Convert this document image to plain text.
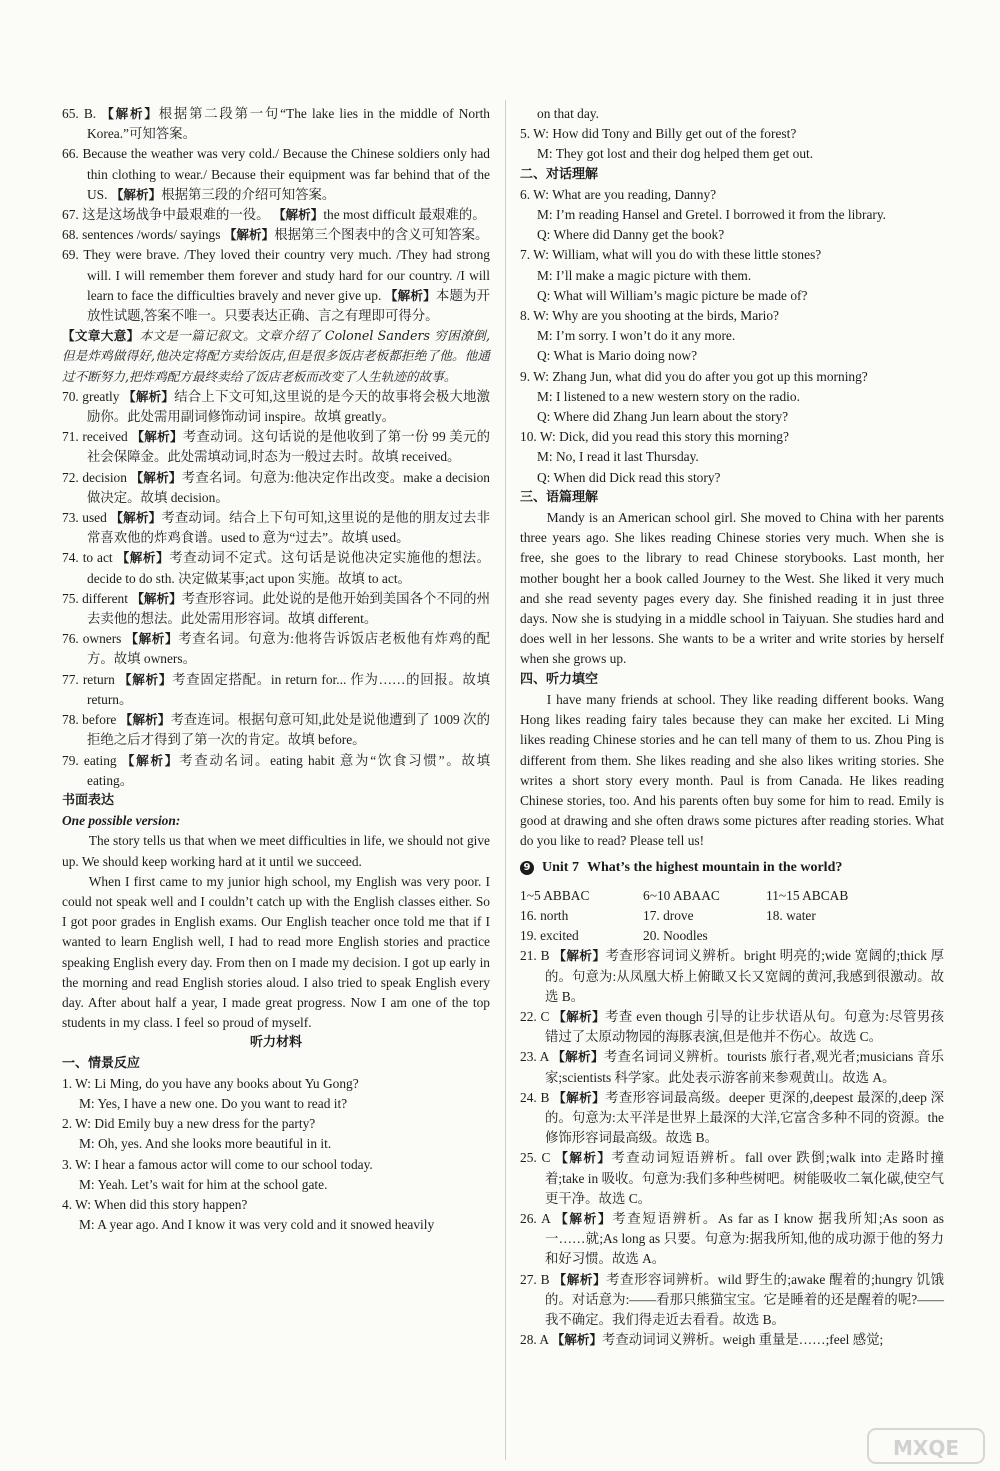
65. B. 【解析】根据第二段第一句“The lake lies in the middle of North Korea.”可知答案。

66. Because the weather was very cold./ Because the Chinese soldiers only had thin clothing to wear./ Because their equipment was far behind that of the US. 【解析】根据第三段的介绍可知答案。

67. 这是这场战争中最艰难的一役。 【解析】the most difficult 最艰难的。

68. sentences /words/ sayings 【解析】根据第三个图表中的含义可知答案。

69. They were brave. /They loved their country very much. /They had strong will. I will remember them forever and study hard for our country. /I will learn to face the difficulties bravely and never give up. 【解析】本题为开放性试题,答案不唯一。只要表达正确、言之有理即可得分。

【文章大意】本文是一篇记叙文。文章介绍了 Colonel Sanders 穷困潦倒,但是炸鸡做得好,他决定将配方卖给饭店,但是很多饭店老板都拒绝了他。他通过不断努力,把炸鸡配方最终卖给了饭店老板而改变了人生轨迹的故事。

70. greatly 【解析】结合上下文可知,这里说的是今天的故事将会极大地激励你。此处需用副词修饰动词 inspire。故填 greatly。

71. received 【解析】考查动词。这句话说的是他收到了第一份 99 美元的社会保障金。此处需填动词,时态为一般过去时。故填 received。

72. decision 【解析】考查名词。句意为:他决定作出改变。make a decision 做决定。故填 decision。

73. used 【解析】考查动词。结合上下句可知,这里说的是他的朋友过去非常喜欢他的炸鸡食谱。used to 意为“过去”。故填 used。

74. to act 【解析】考查动词不定式。这句话是说他决定实施他的想法。decide to do sth. 决定做某事;act upon 实施。故填 to act。

75. different 【解析】考查形容词。此处说的是他开始到美国各个不同的州去卖他的想法。此处需用形容词。故填 different。

76. owners 【解析】考查名词。句意为:他将告诉饭店老板他有炸鸡的配方。故填 owners。

77. return 【解析】考查固定搭配。in return for... 作为……的回报。故填 return。

78. before 【解析】考查连词。根据句意可知,此处是说他遭到了 1009 次的拒绝之后才得到了第一次的肯定。故填 before。

79. eating 【解析】考查动名词。eating habit 意为“饮食习惯”。故填 eating。

书面表达

One possible version:

The story tells us that when we meet difficulties in life, we should not give up. We should keep working hard at it until we succeed.

When I first came to my junior high school, my English was very poor. I could not speak well and I couldn’t catch up with the English classes either. So I got poor grades in English exams. Our English teacher once told me that if I wanted to learn English well, I had to read more English stories and practice speaking English every day. From then on I made my decision. I got up early in the morning and read English stories aloud. I also tried to speak English every day. After about half a year, I made great progress. Now I am one of the top students in my class. I feel so proud of myself.

听力材料

一、情景反应

1. W: Li Ming, do you have any books about Yu Gong?

M: Yes, I have a new one. Do you want to read it?

2. W: Did Emily buy a new dress for the party?

M: Oh, yes. And she looks more beautiful in it.

3. W: I hear a famous actor will come to our school today.

M: Yeah. Let’s wait for him at the school gate.

4. W: When did this story happen?

M: A year ago. And I know it was very cold and it snowed heavily

on that day.

5. W: How did Tony and Billy get out of the forest?

M: They got lost and their dog helped them get out.

二、对话理解

6. W: What are you reading, Danny?

M: I’m reading Hansel and Gretel. I borrowed it from the library.

Q: Where did Danny get the book?

7. W: William, what will you do with these little stones?

M: I’ll make a magic picture with them.

Q: What will William’s magic picture be made of?

8. W: Why are you shooting at the birds, Mario?

M: I’m sorry. I won’t do it any more.

Q: What is Mario doing now?

9. W: Zhang Jun, what did you do after you got up this morning?

M: I listened to a new western story on the radio.

Q: Where did Zhang Jun learn about the story?

10. W: Dick, did you read this story this morning?

M: No, I read it last Thursday.

Q: When did Dick read this story?

三、语篇理解

Mandy is an American school girl. She moved to China with her parents three years ago. She likes reading Chinese stories very much. When she is free, she goes to the library to read Chinese storybooks. Last month, her mother bought her a book called Journey to the West. She liked it very much and she read seventy pages every day. She finished reading it in just three days. Now she is studying in a middle school in Taiyuan. She studies hard and does well in her lessons. She wants to be a writer and write stories by herself when she grows up.

四、听力填空

I have many friends at school. They like reading different books. Wang Hong likes reading fairy tales because they can make her excited. Li Ming likes reading Chinese stories and he can tell many of them to us. Zhou Ping is different from them. She likes reading and she also likes writing stories. She writes a short story every month. Paul is from Canada. He likes reading Chinese stories, too. And his parents often buy some for him to read. Emily is good at drawing and she often draws some pictures after reading stories. What do you like to read? Please tell us!

9 Unit 7 What’s the highest mountain in the world?
1~5 ABBAC	6~10 ABAAC	11~15 ABCAB
16. north	17. drove	18. water
19. excited	20. Noodles

21. B 【解析】考查形容词词义辨析。bright 明亮的;wide 宽阔的;thick 厚的。句意为:从凤凰大桥上俯瞰又长又宽阔的黄河,我感到很激动。故选 B。

22. C 【解析】考查 even though 引导的让步状语从句。句意为:尽管男孩错过了太原动物园的海豚表演,但是他并不伤心。故选 C。

23. A 【解析】考查名词词义辨析。tourists 旅行者,观光者;musicians 音乐家;scientists 科学家。此处表示游客前来参观黄山。故选 A。

24. B 【解析】考查形容词最高级。deeper 更深的,deepest 最深的,deep 深的。句意为:太平洋是世界上最深的大洋,它富含多种不同的资源。the 修饰形容词最高级。故选 B。

25. C 【解析】考查动词短语辨析。fall over 跌倒;walk into 走路时撞着;take in 吸收。句意为:我们多种些树吧。树能吸收二氧化碳,使空气更干净。故选 C。

26. A 【解析】考查短语辨析。As far as I know 据我所知;As soon as 一……就;As long as 只要。句意为:据我所知,他的成功源于他的努力和好习惯。故选 A。

27. B 【解析】考查形容词辨析。wild 野生的;awake 醒着的;hungry 饥饿的。对话意为:——看那只熊猫宝宝。它是睡着的还是醒着的呢?——我不确定。我们得走近去看看。故选 B。

28. A 【解析】考查动词词义辨析。weigh 重量是……;feel 感觉;

MXQE
